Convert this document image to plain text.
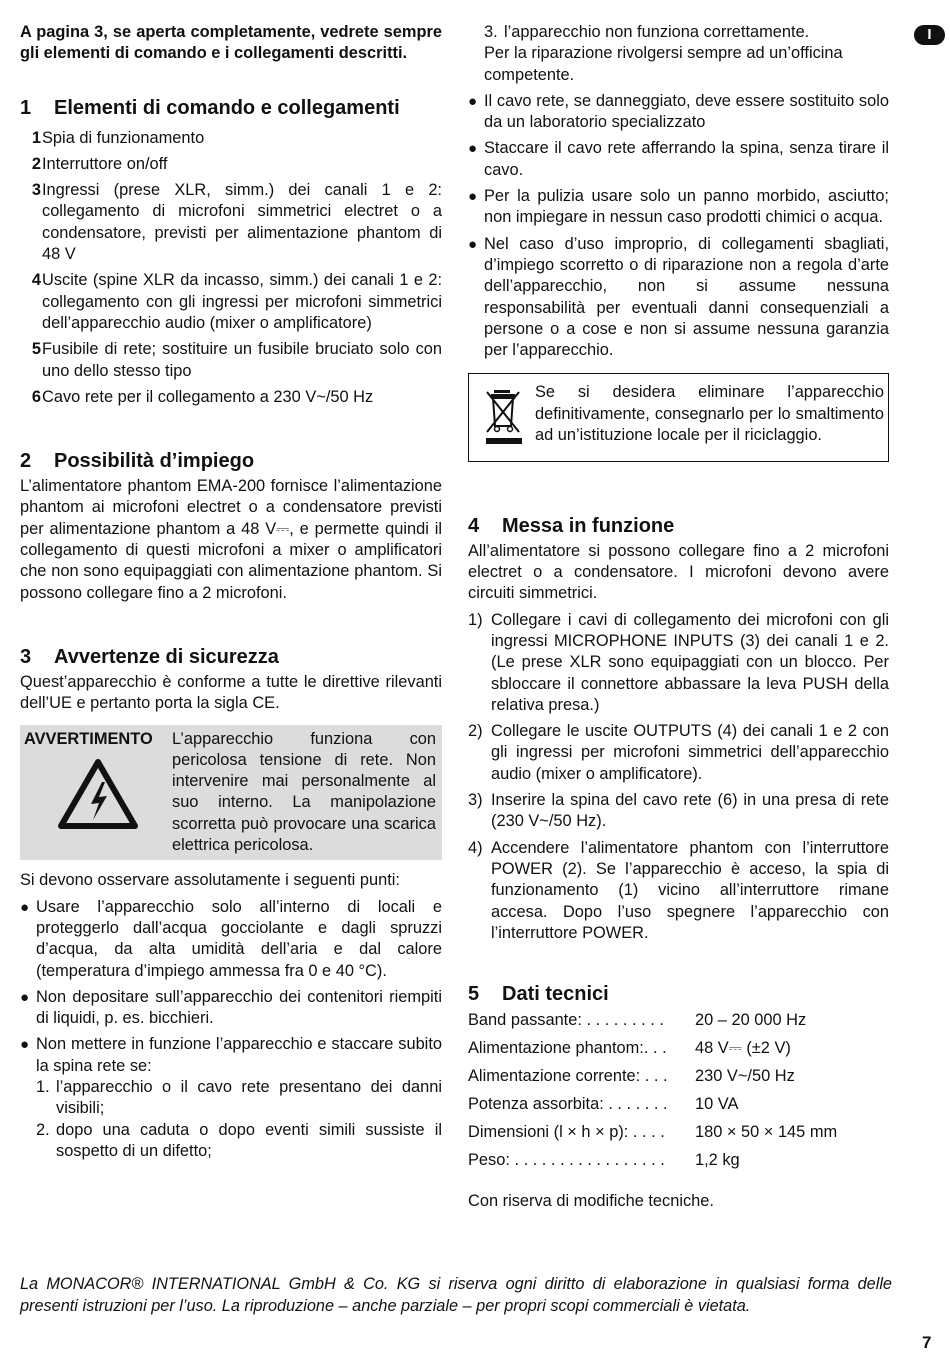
A pagina 3, se aperta completamente, vedrete sempre gli elementi di comando e i collegamenti descritti.

1 Elementi di comando e collegamenti
1 Spia di funzionamento
2 Interruttore on/off
3 Ingressi (prese XLR, simm.) dei canali 1 e 2: collegamento di microfoni simmetrici electret o a condensatore, previsti per alimentazione phantom di 48 V
4 Uscite (spine XLR da incasso, simm.) dei canali 1 e 2: collegamento con gli ingressi per microfoni simmetrici dell’apparecchio audio (mixer o amplificatore)
5 Fusibile di rete; sostituire un fusibile bruciato solo con uno dello stesso tipo
6 Cavo rete per il collegamento a 230 V~/50 Hz
2 Possibilità d’impiego

L’alimentatore phantom EMA-200 fornisce l’alimentazione phantom ai microfoni electret o a condensatore previsti per alimentazione phantom a 48 V⎓, e permette quindi il collegamento di questi microfoni a mixer o amplificatori che non sono equipaggiati con alimentazione phantom. Si possono collegare fino a 2 microfoni.

3 Avvertenze di sicurezza

Quest’apparecchio è conforme a tutte le direttive rilevanti dell’UE e pertanto porta la sigla CE.

AVVERTIMENTO	L’apparecchio funziona con pericolosa tensione di rete. Non intervenire mai personalmente al suo interno. La manipolazione scorretta può provocare una scarica elettrica pericolosa.

Si devono osservare assolutamente i seguenti punti:

● Usare l’apparecchio solo all’interno di locali e proteggerlo dall’acqua gocciolante e dagli spruzzi d’acqua, da alta umidità dell’aria e dal calore (temperatura d’impiego ammessa fra 0 e 40 °C).
● Non depositare sull’apparecchio dei contenitori riempiti di liquidi, p. es. bicchieri.
● Non mettere in funzione l’apparecchio e staccare subito la spina rete se:
1. l’apparecchio o il cavo rete presentano dei danni visibili;
2. dopo una caduta o dopo eventi simili sussiste il sospetto di un difetto;
3. l’apparecchio non funziona correttamente.

Per la riparazione rivolgersi sempre ad un’officina competente.

● Il cavo rete, se danneggiato, deve essere sostituito solo da un laboratorio specializzato
● Staccare il cavo rete afferrando la spina, senza tirare il cavo.
● Per la pulizia usare solo un panno morbido, asciutto; non impiegare in nessun caso prodotti chimici o acqua.
● Nel caso d’uso improprio, di collegamenti sbagliati, d’impiego scorretto o di riparazione non a regola d’arte dell’apparecchio, non si assume nessuna responsabilità per eventuali danni consequenziali a persone o a cose e non si assume nessuna garanzia per l’apparecchio.

Se si desidera eliminare l’apparecchio definitivamente, consegnarlo per lo smaltimento ad un’istituzione locale per il riciclaggio.

4 Messa in funzione

All’alimentatore si possono collegare fino a 2 microfoni electret o a condensatore. I microfoni devono avere circuiti simmetrici.

1) Collegare i cavi di collegamento dei microfoni con gli ingressi MICROPHONE INPUTS (3) dei canali 1 e 2. (Le prese XLR sono equipaggiati con un blocco. Per sbloccare il connettore abbassare la leva PUSH della relativa presa.)
2) Collegare le uscite OUTPUTS (4) dei canali 1 e 2 con gli ingressi per microfoni simmetrici dell’apparecchio audio (mixer o amplificatore).
3) Inserire la spina del cavo rete (6) in una presa di rete (230 V~/50 Hz).
4) Accendere l’alimentatore phantom con l’interruttore POWER (2). Se l’apparecchio è acceso, la spia di funzionamento (1) vicino all’interruttore rimane accesa. Dopo l’uso spegnere l’apparecchio con l’interruttore POWER.
5 Dati tecnici
Band passante: . . . . . . . . .	20 – 20 000 Hz
Alimentazione phantom:. . .	48 V⎓ (±2 V)
Alimentazione corrente: . . .	230 V~/50 Hz
Potenza assorbita: . . . . . . .	10 VA
Dimensioni (l × h × p): . . . .	180 × 50 × 145 mm
Peso: . . . . . . . . . . . . . . . . .	1,2 kg

Con riserva di modifiche tecniche.

I

La MONACOR® INTERNATIONAL GmbH & Co. KG si riserva ogni diritto di elaborazione in qualsiasi forma delle presenti istruzioni per l’uso. La riproduzione – anche parziale – per propri scopi commerciali è vietata.

7
